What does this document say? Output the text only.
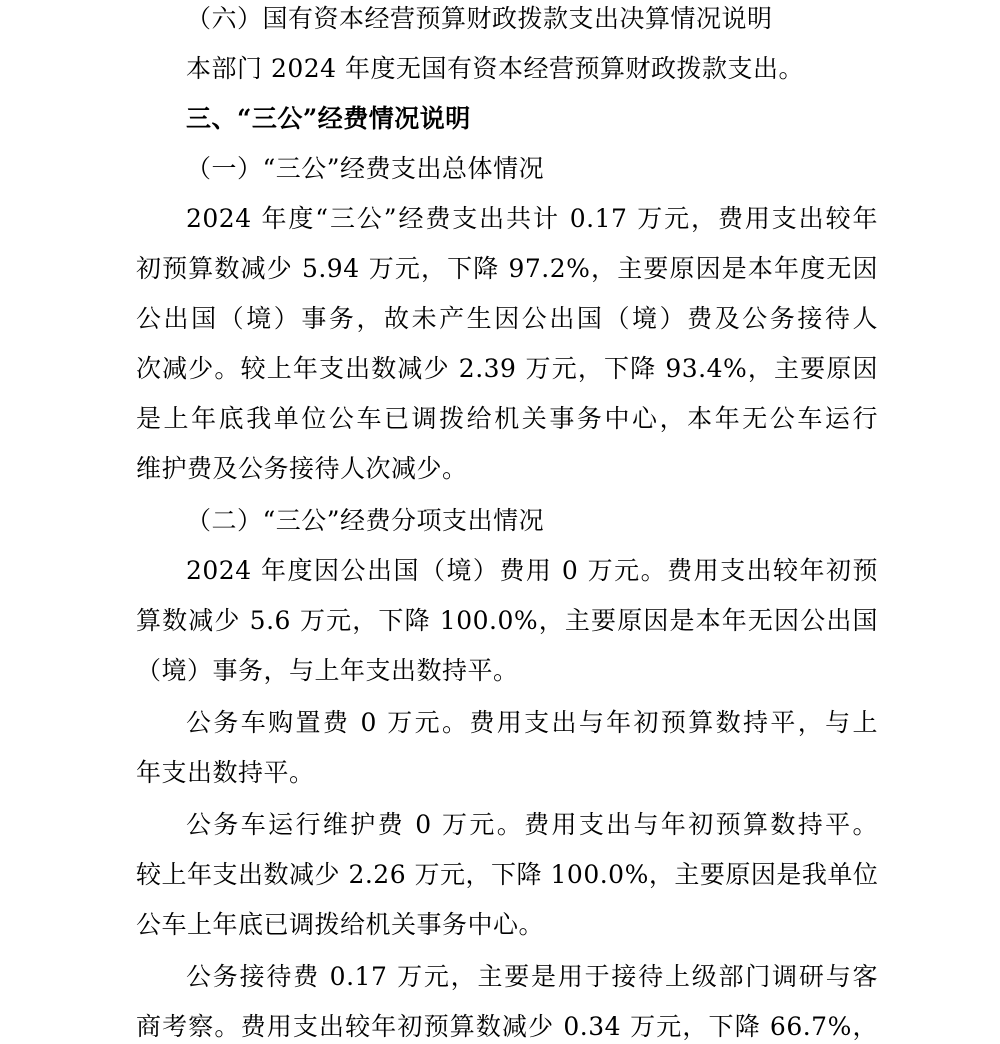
（六）国有资本经营预算财政拨款支出决算情况说明
本部门 2024 年度无国有资本经营预算财政拨款支出。
三、“三公”经费情况说明
（一）“三公”经费支出总体情况
2024 年度“三公”经费支出共计 0.17 万元，费用支出较年
初预算数减少 5.94 万元，下降 97.2%，主要原因是本年度无因
公出国（境）事务，故未产生因公出国（境）费及公务接待人
次减少。较上年支出数减少 2.39 万元，下降 93.4%，主要原因
是上年底我单位公车已调拨给机关事务中心，本年无公车运行
维护费及公务接待人次减少。
（二）“三公”经费分项支出情况
2024 年度因公出国（境）费用 0 万元。费用支出较年初预
算数减少 5.6 万元，下降 100.0%，主要原因是本年无因公出国
（境）事务，与上年支出数持平。
公务车购置费 0 万元。费用支出与年初预算数持平，与上
年支出数持平。
公务车运行维护费 0 万元。费用支出与年初预算数持平。
较上年支出数减少 2.26 万元，下降 100.0%，主要原因是我单位
公车上年底已调拨给机关事务中心。
公务接待费 0.17 万元，主要是用于接待上级部门调研与客
商考察。费用支出较年初预算数减少 0.34 万元，下降 66.7%，
